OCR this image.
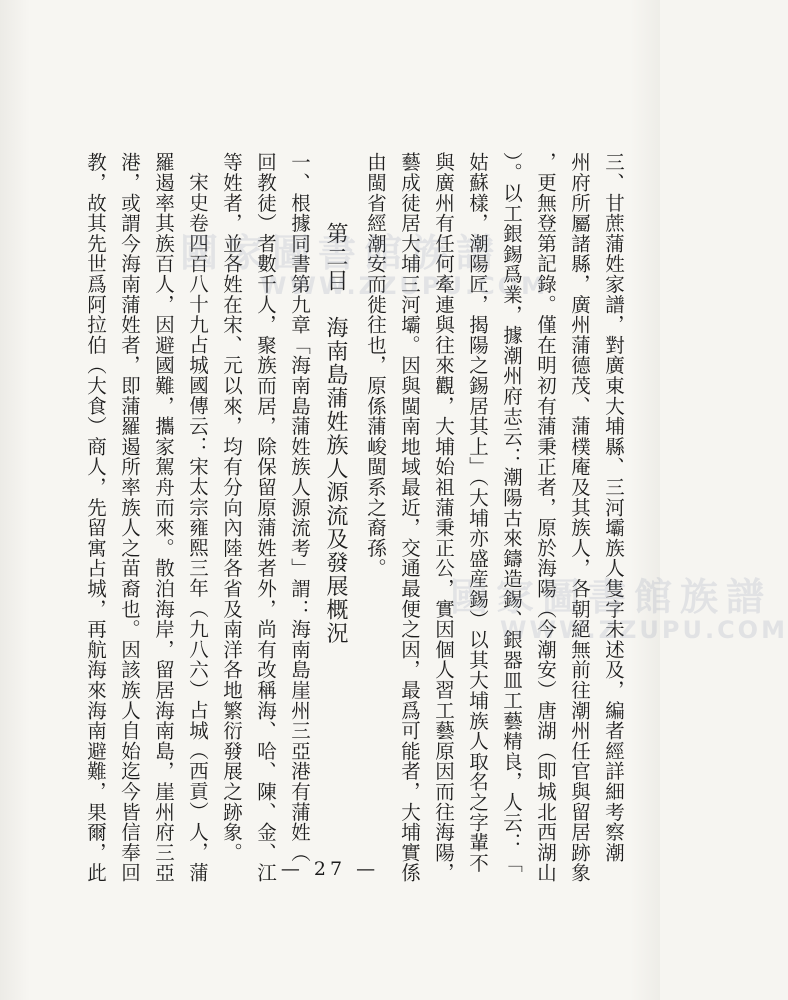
三、甘蔗蒲姓家譜，對廣東大埔縣、三河壩族人隻字未述及，編者經詳細考察潮
州府所屬諸縣，廣州蒲德茂、蒲樸庵及其族人，各朝絕無前往潮州任官與留居跡象
，更無登第記錄。僅在明初有蒲秉正者，原於海陽（今潮安）唐湖（即城北西湖山
）。以工銀錫爲業，據潮州府志云：潮陽古來鑄造錫、銀器皿工藝精良，人云：「
姑蘇樣，潮陽匠，揭陽之錫居其上」（大埔亦盛産錫）以其大埔族人取名之字輩不
與廣州有任何牽連與往來觀，大埔始祖蒲秉正公，實因個人習工藝原因而往海陽，
藝成徒居大埔三河壩。因與閩南地域最近，交通最便之因，最爲可能者，大埔實係
由閩省經潮安而徙往也，原係蒲峻閩系之裔孫。
第二目　海南島蒲姓族人源流及發展概況
一、根據同書第九章「海南島蒲姓族人源流考」謂：海南島崖州三亞港有蒲姓（
回教徒）者數千人，聚族而居，除保留原蒲姓者外，尚有改稱海、哈、陳、金、江
等姓者，並各姓在宋、元以來，均有分向內陸各省及南洋各地繁衍發展之跡象。
宋史卷四百八十九占城國傳云：宋太宗雍熙三年（九八六）占城（西貢）人，蒲
羅遏率其族百人，因避國難，攜家駕舟而來。散泊海岸，留居海南島，崖州府三亞
港，或謂今海南蒲姓者，即蒲羅遏所率族人之苗裔也。因該族人自始迄今皆信奉回
教，故其先世爲阿拉伯（大食）商人，先留寓占城，再航海來海南避難，果爾，此	— 27 —
國家圖書館族譜
WWW.ZZUPU.COM
國家圖書館族譜
WWW.ZZUPU.COM
